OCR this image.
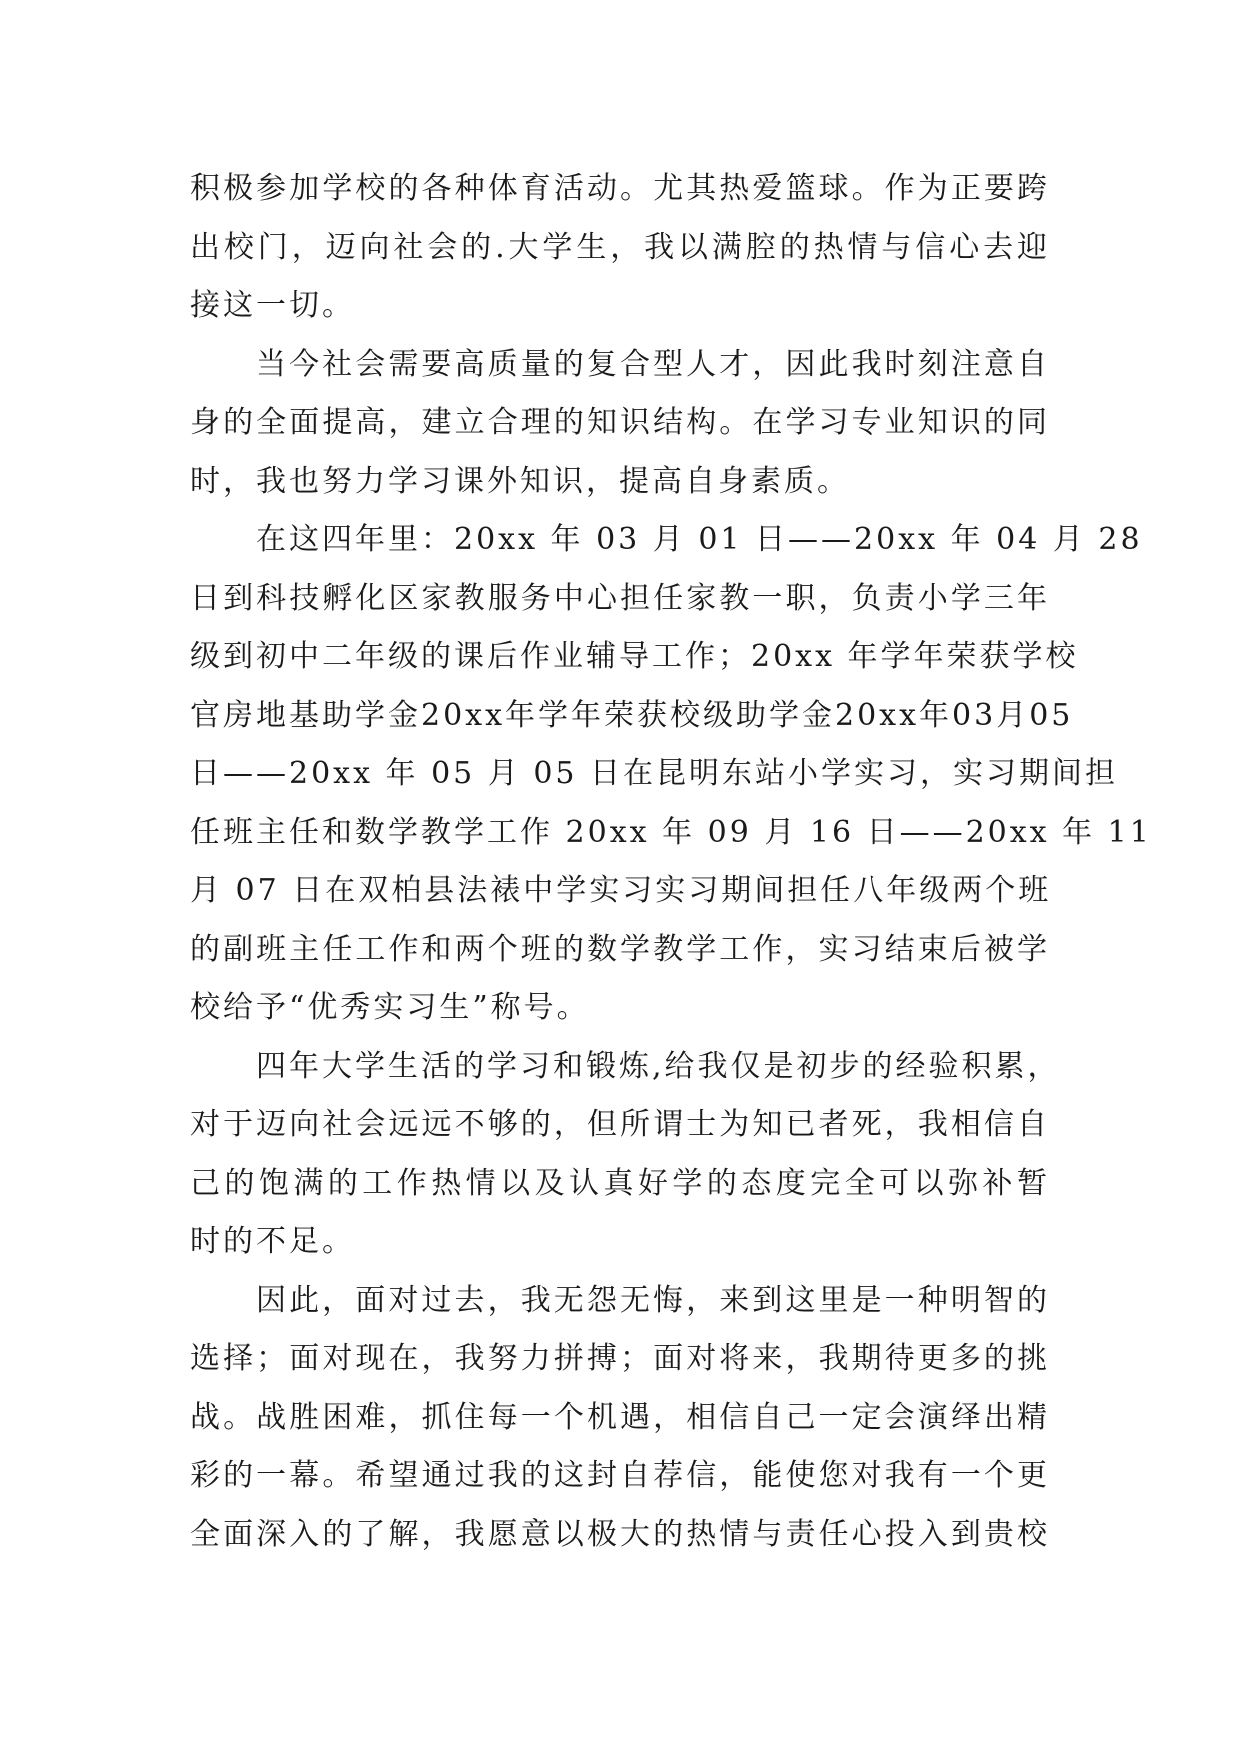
积极参加学校的各种体育活动。尤其热爱篮球。作为正要跨
出校门，迈向社会的.大学生，我以满腔的热情与信心去迎
接这一切。
当今社会需要高质量的复合型人才，因此我时刻注意自
身的全面提高，建立合理的知识结构。在学习专业知识的同
时，我也努力学习课外知识，提高自身素质。
在这四年里：20xx 年 03 月 01 日——20xx 年 04 月 28
日到科技孵化区家教服务中心担任家教一职，负责小学三年
级到初中二年级的课后作业辅导工作；20xx 年学年荣获学校
官房地基助学金20xx年学年荣获校级助学金20xx年03月05
日——20xx 年 05 月 05 日在昆明东站小学实习，实习期间担
任班主任和数学教学工作 20xx 年 09 月 16 日——20xx 年 11
月 07 日在双柏县法裱中学实习实习期间担任八年级两个班
的副班主任工作和两个班的数学教学工作，实习结束后被学
校给予“优秀实习生”称号。
四年大学生活的学习和锻炼,给我仅是初步的经验积累，
对于迈向社会远远不够的，但所谓士为知已者死，我相信自
己的饱满的工作热情以及认真好学的态度完全可以弥补暂
时的不足。
因此，面对过去，我无怨无悔，来到这里是一种明智的
选择；面对现在，我努力拼搏；面对将来，我期待更多的挑
战。战胜困难，抓住每一个机遇，相信自己一定会演绎出精
彩的一幕。希望通过我的这封自荐信，能使您对我有一个更
全面深入的了解，我愿意以极大的热情与责任心投入到贵校
